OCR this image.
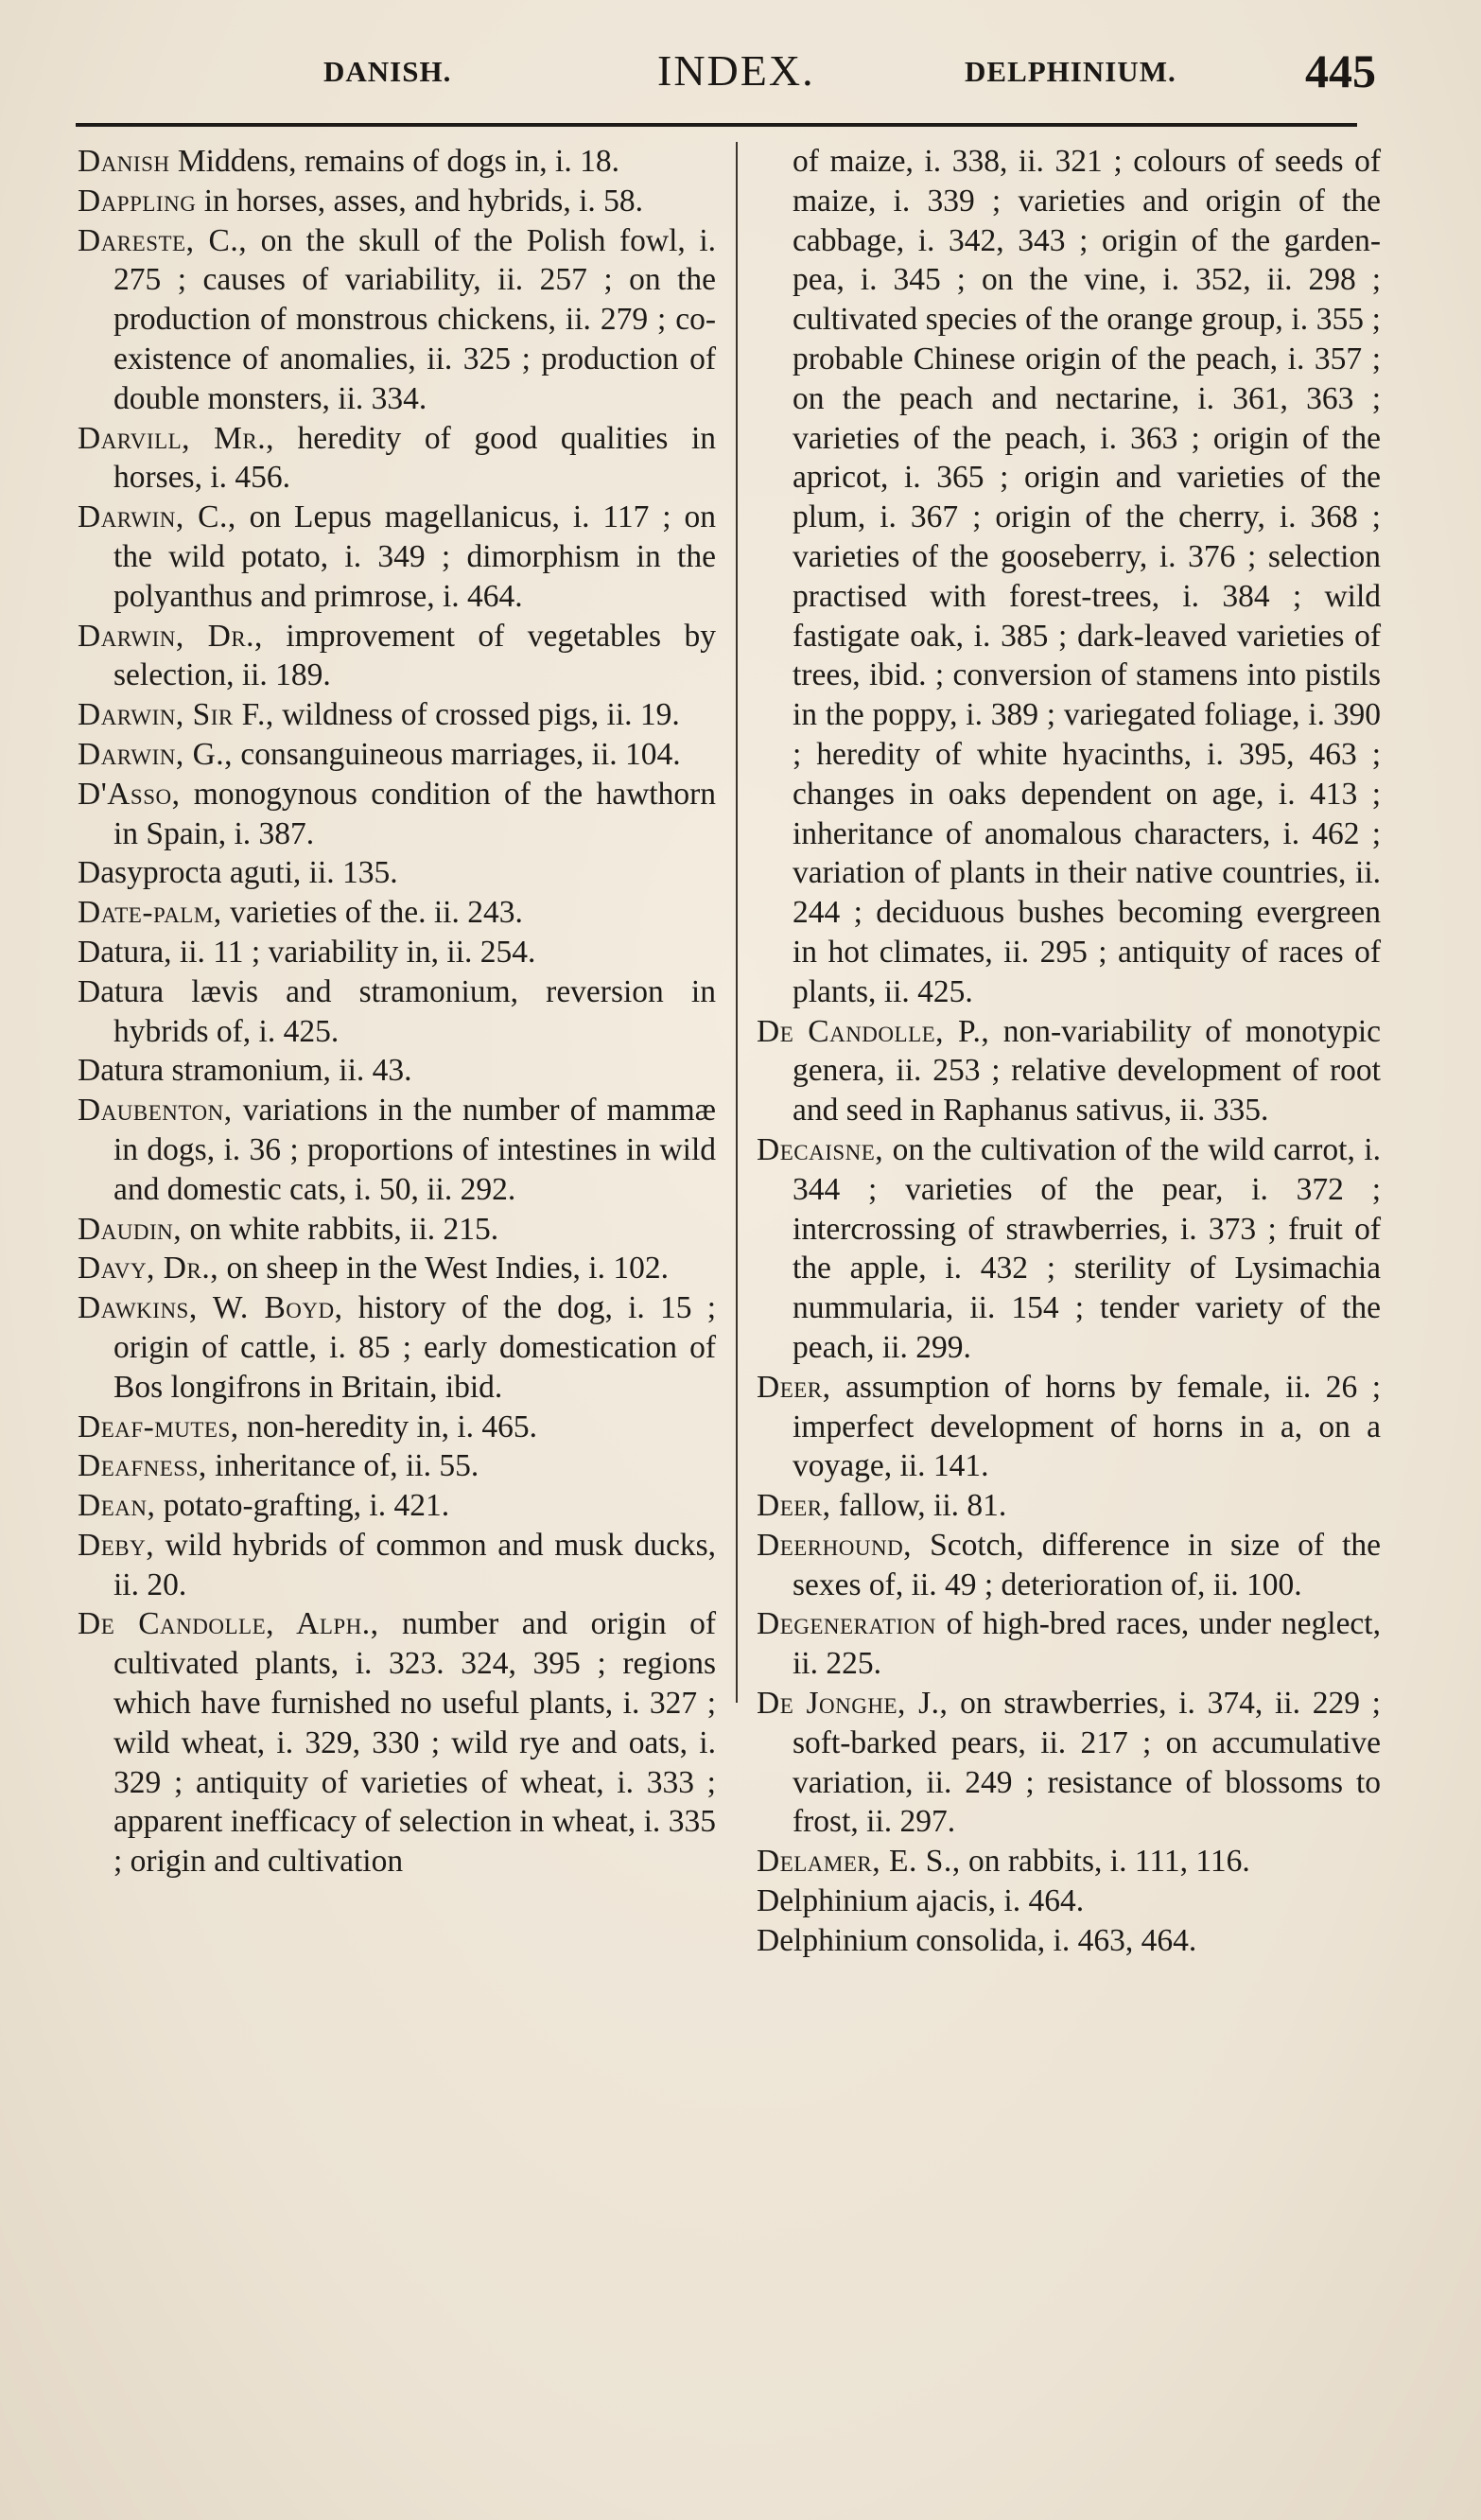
DANISH.	INDEX.	DELPHINIUM.	445
Danish Middens, remains of dogs in, i. 18.
Dappling in horses, asses, and hybrids, i. 58.
Dareste, C., on the skull of the Polish fowl, i. 275 ; causes of variability, ii. 257 ; on the production of monstrous chickens, ii. 279 ; co-existence of anomalies, ii. 325 ; production of double monsters, ii. 334.
Darvill, Mr., heredity of good qualities in horses, i. 456.
Darwin, C., on Lepus magellanicus, i. 117 ; on the wild potato, i. 349 ; dimorphism in the polyanthus and primrose, i. 464.
Darwin, Dr., improvement of vegetables by selection, ii. 189.
Darwin, Sir F., wildness of crossed pigs, ii. 19.
Darwin, G., consanguineous marriages, ii. 104.
D'Asso, monogynous condition of the hawthorn in Spain, i. 387.
Dasyprocta aguti, ii. 135.
Date-palm, varieties of the. ii. 243.
Datura, ii. 11 ; variability in, ii. 254.
Datura lævis and stramonium, reversion in hybrids of, i. 425.
Datura stramonium, ii. 43.
Daubenton, variations in the number of mammæ in dogs, i. 36 ; proportions of intestines in wild and domestic cats, i. 50, ii. 292.
Daudin, on white rabbits, ii. 215.
Davy, Dr., on sheep in the West Indies, i. 102.
Dawkins, W. Boyd, history of the dog, i. 15 ; origin of cattle, i. 85 ; early domestication of Bos longifrons in Britain, ibid.
Deaf-mutes, non-heredity in, i. 465.
Deafness, inheritance of, ii. 55.
Dean, potato-grafting, i. 421.
Deby, wild hybrids of common and musk ducks, ii. 20.
De Candolle, Alph., number and origin of cultivated plants, i. 323. 324, 395 ; regions which have furnished no useful plants, i. 327 ; wild wheat, i. 329, 330 ; wild rye and oats, i. 329 ; antiquity of varieties of wheat, i. 333 ; apparent inefficacy of selection in wheat, i. 335 ; origin and cultivation
of maize, i. 338, ii. 321 ; colours of seeds of maize, i. 339 ; varieties and origin of the cabbage, i. 342, 343 ; origin of the garden-pea, i. 345 ; on the vine, i. 352, ii. 298 ; cultivated species of the orange group, i. 355 ; probable Chinese origin of the peach, i. 357 ; on the peach and nectarine, i. 361, 363 ; varieties of the peach, i. 363 ; origin of the apricot, i. 365 ; origin and varieties of the plum, i. 367 ; origin of the cherry, i. 368 ; varieties of the gooseberry, i. 376 ; selection practised with forest-trees, i. 384 ; wild fastigate oak, i. 385 ; dark-leaved varieties of trees, ibid. ; conversion of stamens into pistils in the poppy, i. 389 ; variegated foliage, i. 390 ; heredity of white hyacinths, i. 395, 463 ; changes in oaks dependent on age, i. 413 ; inheritance of anomalous characters, i. 462 ; variation of plants in their native countries, ii. 244 ; deciduous bushes becoming evergreen in hot climates, ii. 295 ; antiquity of races of plants, ii. 425.
De Candolle, P., non-variability of monotypic genera, ii. 253 ; relative development of root and seed in Raphanus sativus, ii. 335.
Decaisne, on the cultivation of the wild carrot, i. 344 ; varieties of the pear, i. 372 ; intercrossing of strawberries, i. 373 ; fruit of the apple, i. 432 ; sterility of Lysimachia nummularia, ii. 154 ; tender variety of the peach, ii. 299.
Deer, assumption of horns by female, ii. 26 ; imperfect development of horns in a, on a voyage, ii. 141.
Deer, fallow, ii. 81.
Deerhound, Scotch, difference in size of the sexes of, ii. 49 ; deterioration of, ii. 100.
Degeneration of high-bred races, under neglect, ii. 225.
De Jonghe, J., on strawberries, i. 374, ii. 229 ; soft-barked pears, ii. 217 ; on accumulative variation, ii. 249 ; resistance of blossoms to frost, ii. 297.
Delamer, E. S., on rabbits, i. 111, 116.
Delphinium ajacis, i. 464.
Delphinium consolida, i. 463, 464.
